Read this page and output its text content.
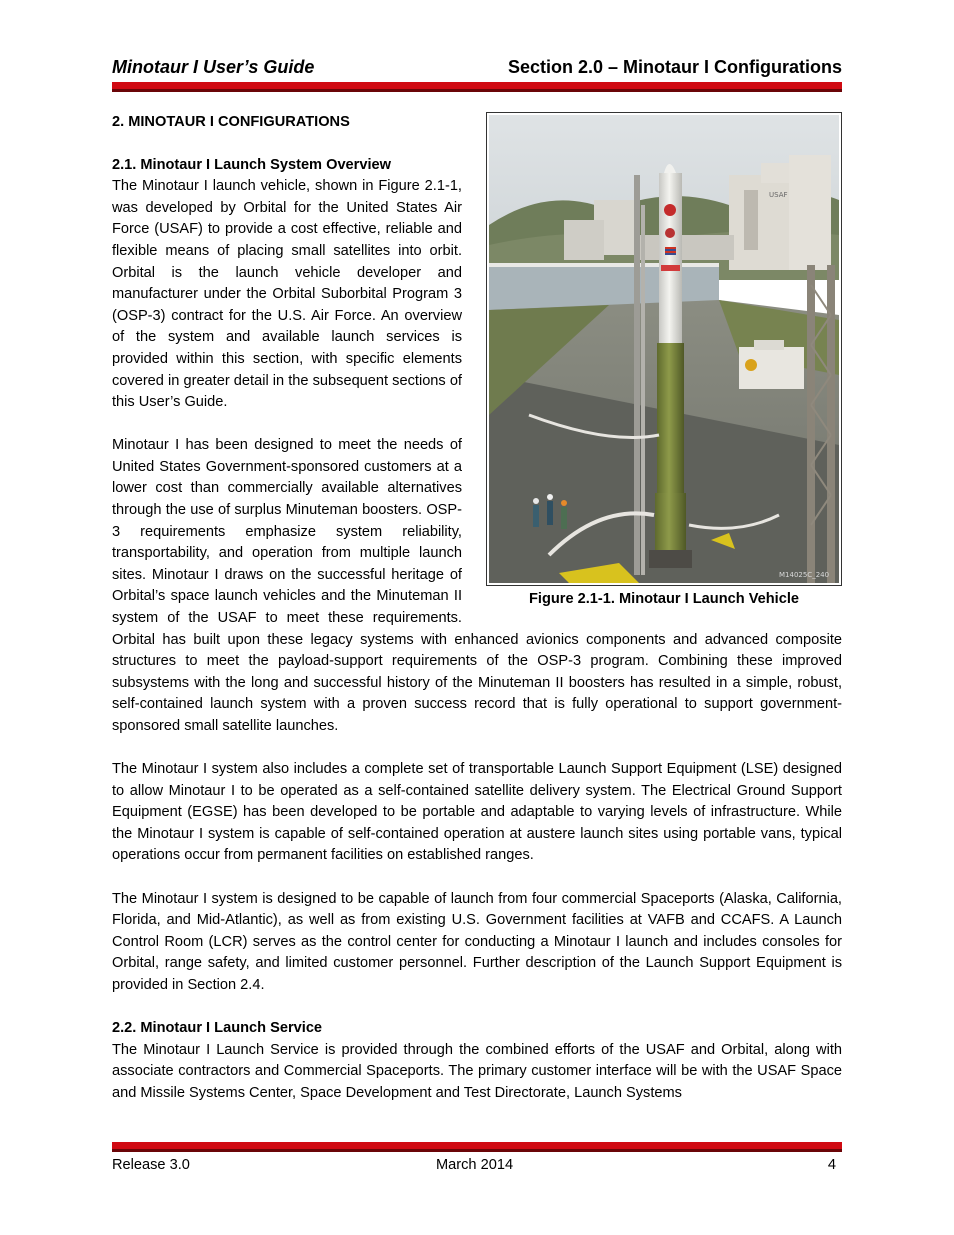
Minotaur I User’s Guide	Section 2.0 – Minotaur I Configurations
USAF
M14025C_240
Figure 2.1-1. Minotaur I Launch Vehicle
2. MINOTAUR I CONFIGURATIONS
2.1. Minotaur I Launch System Overview

The Minotaur I launch vehicle, shown in Figure 2.1-1, was developed by Orbital for the United States Air Force (USAF) to provide a cost effective, reliable and flexible means of placing small satellites into orbit. Orbital is the launch vehicle developer and manufacturer under the Orbital Suborbital Program 3 (OSP-3) contract for the U.S. Air Force. An overview of the system and available launch services is provided within this section, with specific elements covered in greater detail in the subsequent sections of this User’s Guide.

Minotaur I has been designed to meet the needs of United States Government-sponsored customers at a lower cost than commercially available alternatives through the use of surplus Minuteman boosters. OSP-3 requirements emphasize system reliability, transportability, and operation from multiple launch sites. Minotaur I draws on the successful heritage of Orbital’s space launch vehicles and the Minuteman II system of the USAF to meet these requirements. Orbital has built upon these legacy systems with enhanced avionics components and advanced composite structures to meet the payload-support requirements of the OSP-3 program. Combining these improved subsystems with the long and successful history of the Minuteman II boosters has resulted in a simple, robust, self-contained launch system with a proven success record that is fully operational to support government-sponsored small satellite launches.

The Minotaur I system also includes a complete set of transportable Launch Support Equipment (LSE) designed to allow Minotaur I to be operated as a self-contained satellite delivery system. The Electrical Ground Support Equipment (EGSE) has been developed to be portable and adaptable to varying levels of infrastructure. While the Minotaur I system is capable of self-contained operation at austere launch sites using portable vans, typical operations occur from permanent facilities on established ranges.

The Minotaur I system is designed to be capable of launch from four commercial Spaceports (Alaska, California, Florida, and Mid-Atlantic), as well as from existing U.S. Government facilities at VAFB and CCAFS. A Launch Control Room (LCR) serves as the control center for conducting a Minotaur I launch and includes consoles for Orbital, range safety, and limited customer personnel. Further description of the Launch Support Equipment is provided in Section 2.4.

2.2. Minotaur I Launch Service

The Minotaur I Launch Service is provided through the combined efforts of the USAF and Orbital, along with associate contractors and Commercial Spaceports. The primary customer interface will be with the USAF Space and Missile Systems Center, Space Development and Test Directorate, Launch Systems

Release 3.0	March 2014	4
